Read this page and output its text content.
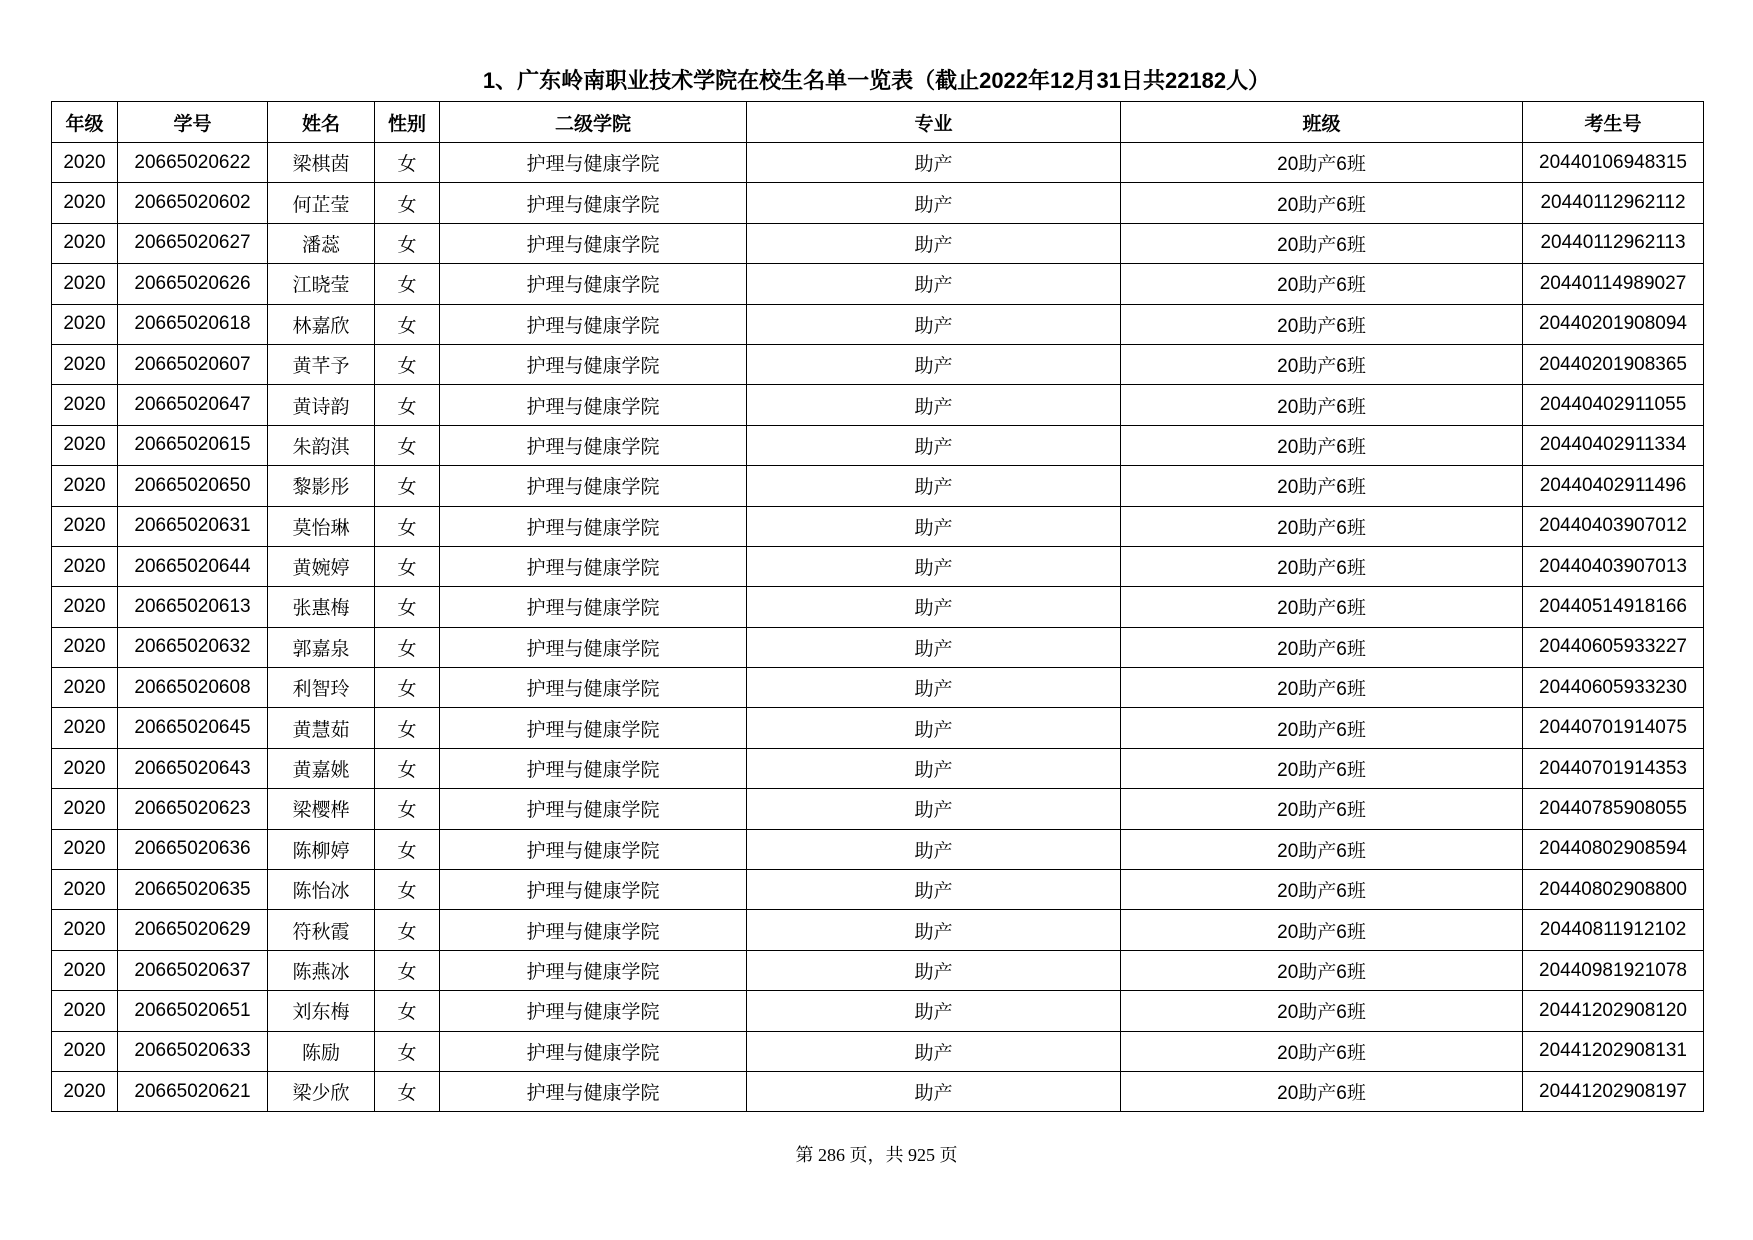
1、广东岭南职业技术学院在校生名单一览表（截止2022年12月31日共22182人）
年级	学号	姓名	性别	二级学院	专业	班级	考生号
2020	20665020622	梁棋茵	女	护理与健康学院	助产	20助产6班	20440106948315
2020	20665020602	何芷莹	女	护理与健康学院	助产	20助产6班	20440112962112
2020	20665020627	潘蕊	女	护理与健康学院	助产	20助产6班	20440112962113
2020	20665020626	江晓莹	女	护理与健康学院	助产	20助产6班	20440114989027
2020	20665020618	林嘉欣	女	护理与健康学院	助产	20助产6班	20440201908094
2020	20665020607	黄芊予	女	护理与健康学院	助产	20助产6班	20440201908365
2020	20665020647	黄诗韵	女	护理与健康学院	助产	20助产6班	20440402911055
2020	20665020615	朱韵淇	女	护理与健康学院	助产	20助产6班	20440402911334
2020	20665020650	黎影彤	女	护理与健康学院	助产	20助产6班	20440402911496
2020	20665020631	莫怡琳	女	护理与健康学院	助产	20助产6班	20440403907012
2020	20665020644	黄婉婷	女	护理与健康学院	助产	20助产6班	20440403907013
2020	20665020613	张惠梅	女	护理与健康学院	助产	20助产6班	20440514918166
2020	20665020632	郭嘉泉	女	护理与健康学院	助产	20助产6班	20440605933227
2020	20665020608	利智玲	女	护理与健康学院	助产	20助产6班	20440605933230
2020	20665020645	黄慧茹	女	护理与健康学院	助产	20助产6班	20440701914075
2020	20665020643	黄嘉姚	女	护理与健康学院	助产	20助产6班	20440701914353
2020	20665020623	梁樱桦	女	护理与健康学院	助产	20助产6班	20440785908055
2020	20665020636	陈柳婷	女	护理与健康学院	助产	20助产6班	20440802908594
2020	20665020635	陈怡冰	女	护理与健康学院	助产	20助产6班	20440802908800
2020	20665020629	符秋霞	女	护理与健康学院	助产	20助产6班	20440811912102
2020	20665020637	陈燕冰	女	护理与健康学院	助产	20助产6班	20440981921078
2020	20665020651	刘东梅	女	护理与健康学院	助产	20助产6班	20441202908120
2020	20665020633	陈励	女	护理与健康学院	助产	20助产6班	20441202908131
2020	20665020621	梁少欣	女	护理与健康学院	助产	20助产6班	20441202908197
第 286 页，共 925 页
